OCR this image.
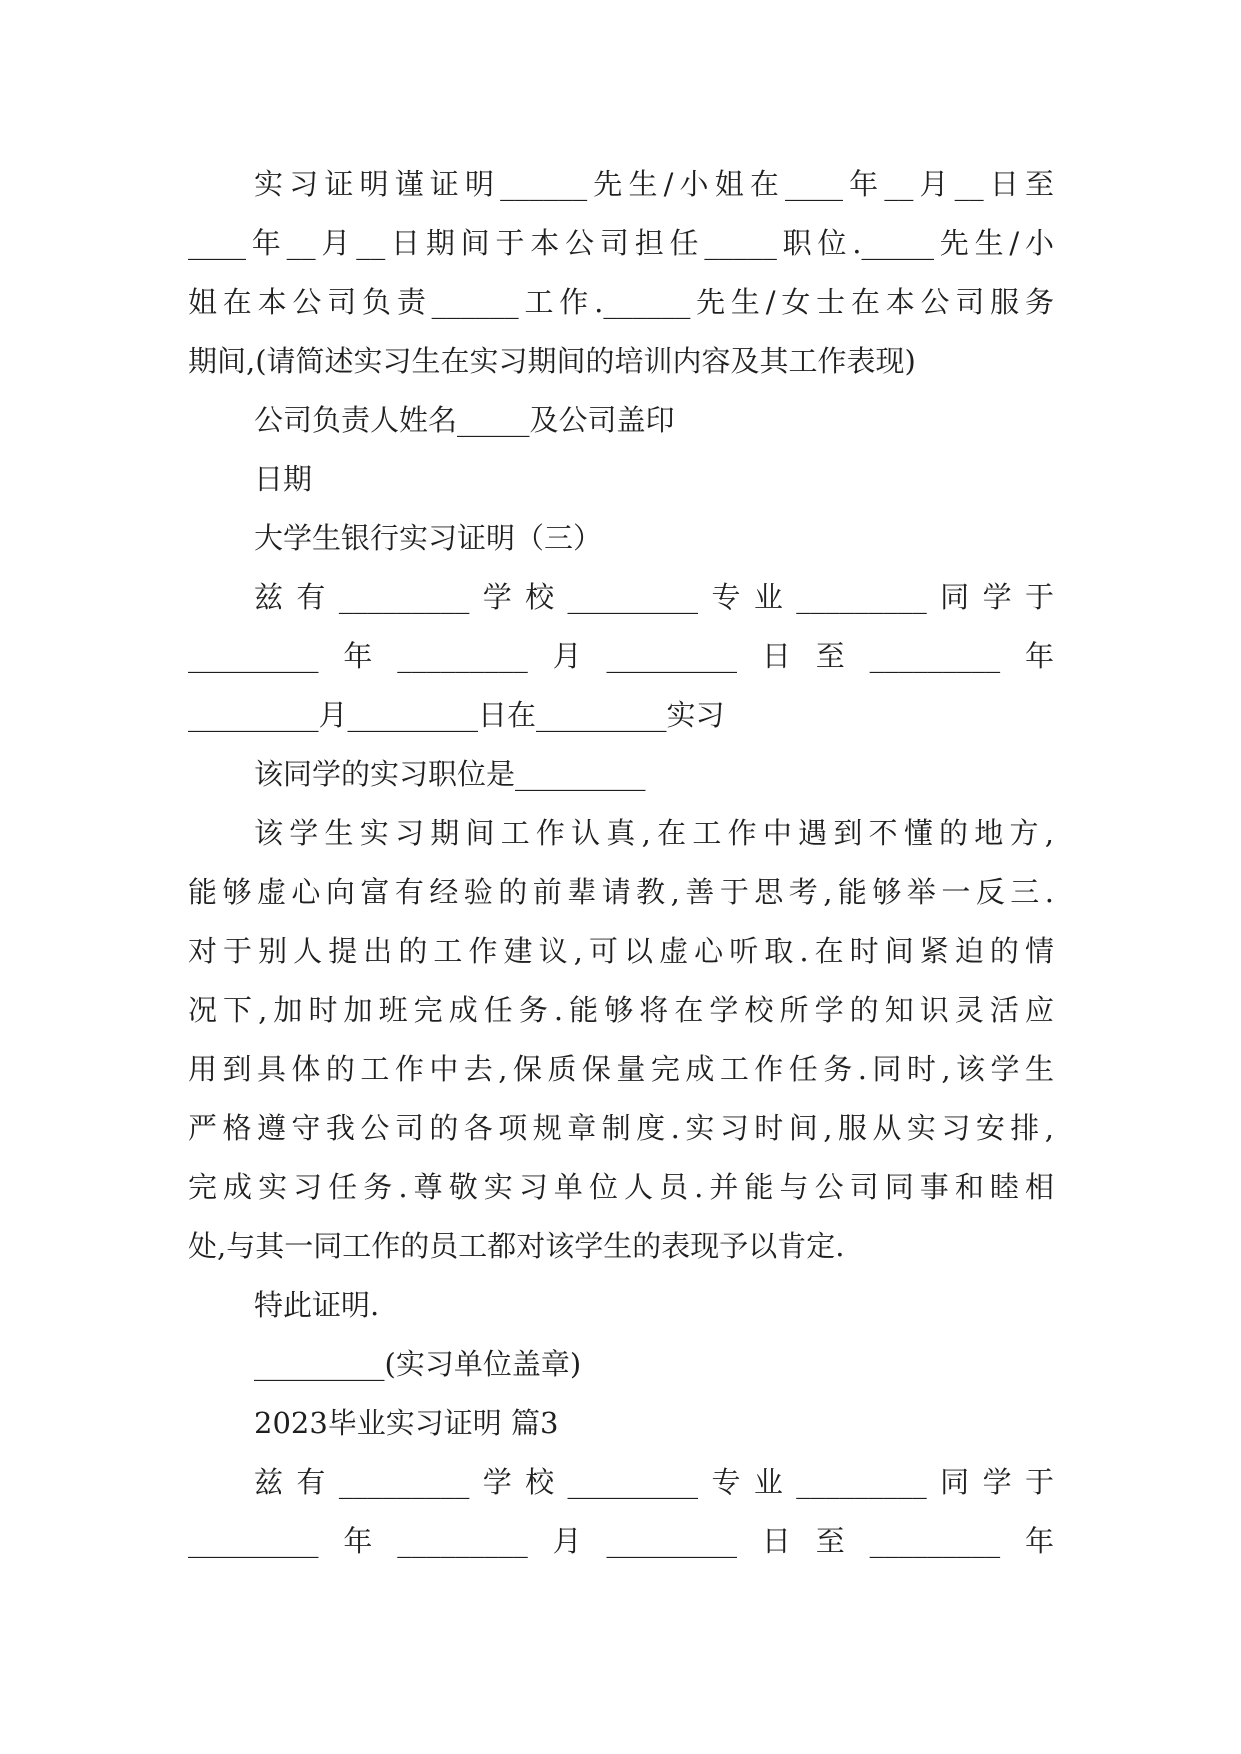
实习证明谨证明______先生/小姐在____年__月__日至
____年__月__日期间于本公司担任_____职位._____先生/小
姐在本公司负责______工作.______先生/女士在本公司服务
期间,(请简述实习生在实习期间的培训内容及其工作表现)
公司负责人姓名_____及公司盖印
日期
大学生银行实习证明（三）
兹有_________学校_________专业_________同学于
_________年_________月_________日至_________年
_________月_________日在_________实习
该同学的实习职位是_________
该学生实习期间工作认真,在工作中遇到不懂的地方,
能够虚心向富有经验的前辈请教,善于思考,能够举一反三.
对于别人提出的工作建议,可以虚心听取.在时间紧迫的情
况下,加时加班完成任务.能够将在学校所学的知识灵活应
用到具体的工作中去,保质保量完成工作任务.同时,该学生
严格遵守我公司的各项规章制度.实习时间,服从实习安排,
完成实习任务.尊敬实习单位人员.并能与公司同事和睦相
处,与其一同工作的员工都对该学生的表现予以肯定.
特此证明.
_________(实习单位盖章)
2023毕业实习证明 篇3
兹有_________学校_________专业_________同学于
_________年_________月_________日至_________年
